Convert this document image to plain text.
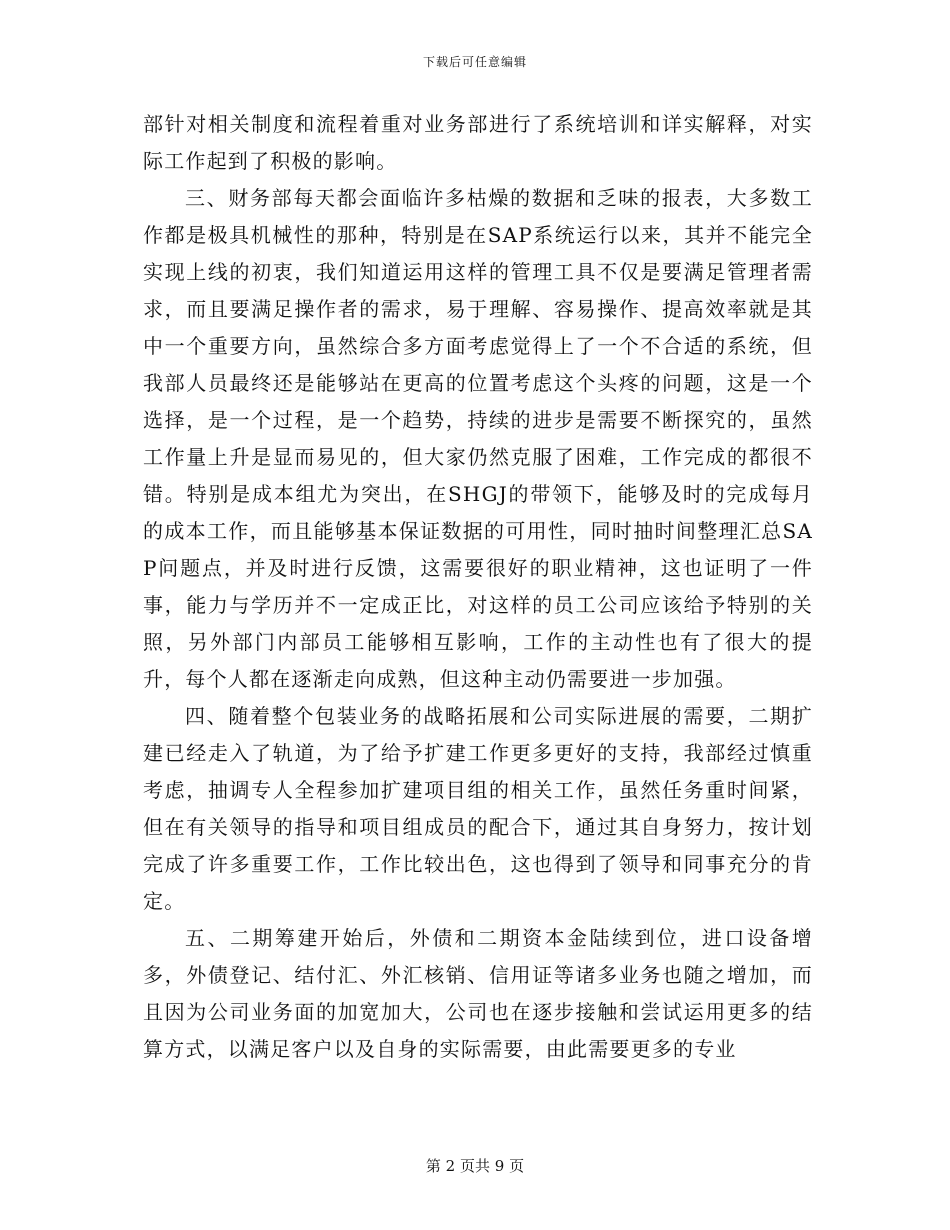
下载后可任意编辑

部针对相关制度和流程着重对业务部进行了系统培训和详实解释，对实际工作起到了积极的影响。

三、财务部每天都会面临许多枯燥的数据和乏味的报表，大多数工作都是极具机械性的那种，特别是在SAP系统运行以来，其并不能完全实现上线的初衷，我们知道运用这样的管理工具不仅是要满足管理者需求，而且要满足操作者的需求，易于理解、容易操作、提高效率就是其中一个重要方向，虽然综合多方面考虑觉得上了一个不合适的系统，但我部人员最终还是能够站在更高的位置考虑这个头疼的问题，这是一个选择，是一个过程，是一个趋势，持续的进步是需要不断探究的，虽然工作量上升是显而易见的，但大家仍然克服了困难，工作完成的都很不错。特别是成本组尤为突出，在SHGJ的带领下，能够及时的完成每月的成本工作，而且能够基本保证数据的可用性，同时抽时间整理汇总SAP问题点，并及时进行反馈，这需要很好的职业精神，这也证明了一件事，能力与学历并不一定成正比，对这样的员工公司应该给予特别的关照，另外部门内部员工能够相互影响，工作的主动性也有了很大的提升，每个人都在逐渐走向成熟，但这种主动仍需要进一步加强。

四、随着整个包装业务的战略拓展和公司实际进展的需要，二期扩建已经走入了轨道，为了给予扩建工作更多更好的支持，我部经过慎重考虑，抽调专人全程参加扩建项目组的相关工作，虽然任务重时间紧，但在有关领导的指导和项目组成员的配合下，通过其自身努力，按计划完成了许多重要工作，工作比较出色，这也得到了领导和同事充分的肯定。

五、二期筹建开始后，外债和二期资本金陆续到位，进口设备增多，外债登记、结付汇、外汇核销、信用证等诸多业务也随之增加，而且因为公司业务面的加宽加大，公司也在逐步接触和尝试运用更多的结算方式，以满足客户以及自身的实际需要，由此需要更多的专业

第 2 页共 9 页
